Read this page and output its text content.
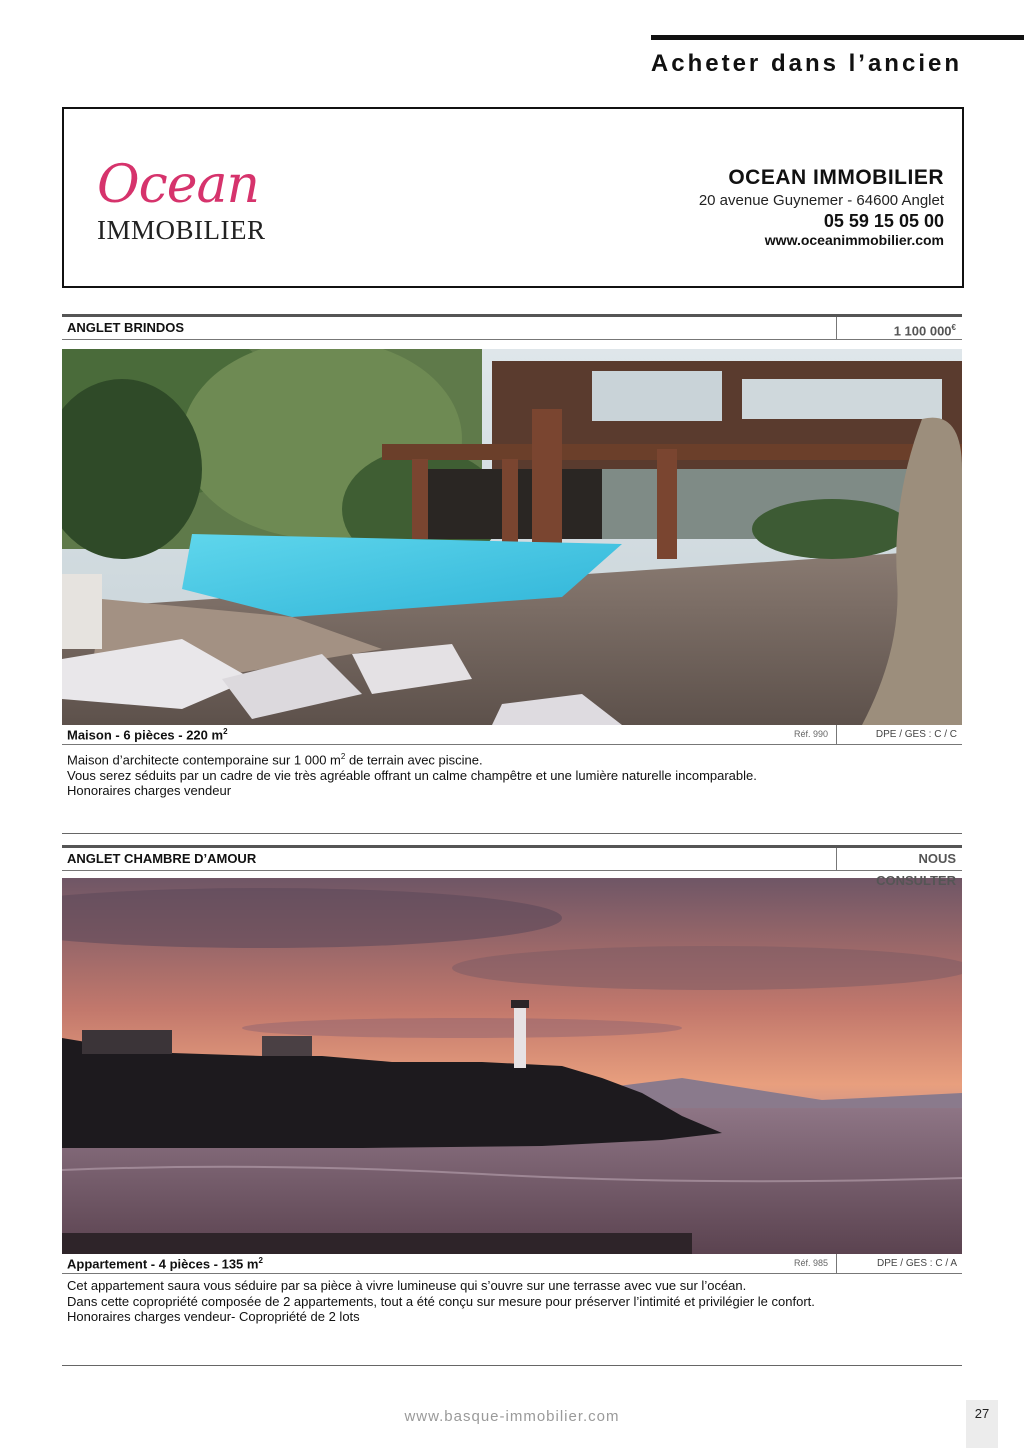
Acheter dans l’ancien
Ocean
IMMOBILIER
OCEAN IMMOBILIER
20 avenue Guynemer - 64600 Anglet
05 59 15 05 00
www.oceanimmobilier.com
ANGLET BRINDOS	1 100 000€
Maison - 6 pièces - 220 $m^2$	Réf. 990	DPE / GES : C / C
Maison d’architecte contemporaine sur 1 000 $m^2$ de terrain avec piscine.
Vous serez séduits par un cadre de vie très agréable offrant un calme champêtre et une lumière naturelle incomparable.
Honoraires charges vendeur
ANGLET CHAMBRE D’AMOUR	NOUS CONSULTER
Appartement - 4 pièces - 135 $m^2$	Réf. 985	DPE / GES : C / A
Cet appartement saura vous séduire par sa pièce à vivre lumineuse qui s’ouvre sur une terrasse avec vue sur l’océan.
Dans cette copropriété composée de 2 appartements, tout a été conçu sur mesure pour préserver l’intimité et privilégier le confort.
Honoraires charges vendeur- Copropriété de 2 lots
www.basque-immobilier.com	27
